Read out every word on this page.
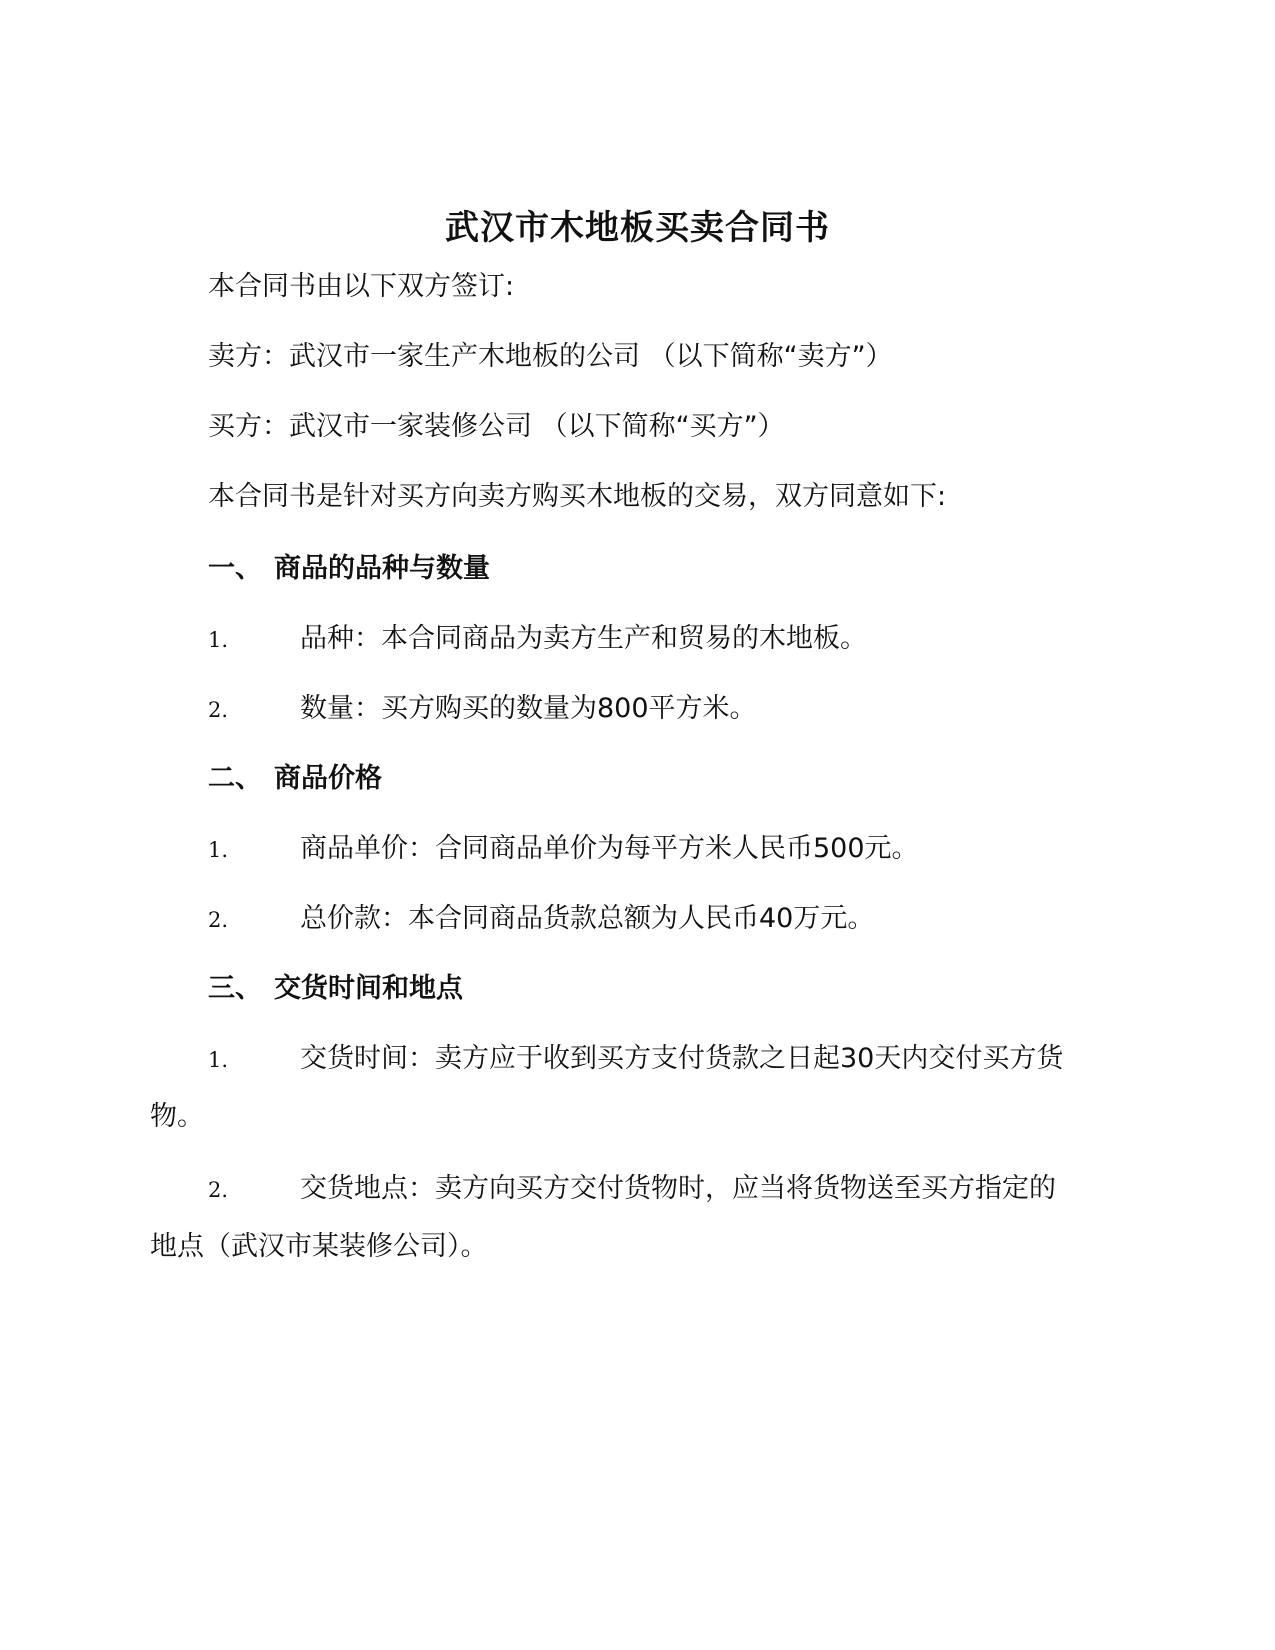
武汉市木地板买卖合同书
本合同书由以下双方签订:
卖方：武汉市一家生产木地板的公司 （以下简称“卖方”）
买方：武汉市一家装修公司 （以下简称“买方”）
本合同书是针对买方向卖方购买木地板的交易，双方同意如下:
一、 商品的品种与数量
1.	品种：本合同商品为卖方生产和贸易的木地板。
2.	数量：买方购买的数量为800平方米。
二、 商品价格
1.	商品单价：合同商品单价为每平方米人民币500元。
2.	总价款：本合同商品货款总额为人民币40万元。
三、 交货时间和地点
1.	交货时间：卖方应于收到买方支付货款之日起30天内交付买方货
物。
2.	交货地点：卖方向买方交付货物时，应当将货物送至买方指定的
地点（武汉市某装修公司）。
